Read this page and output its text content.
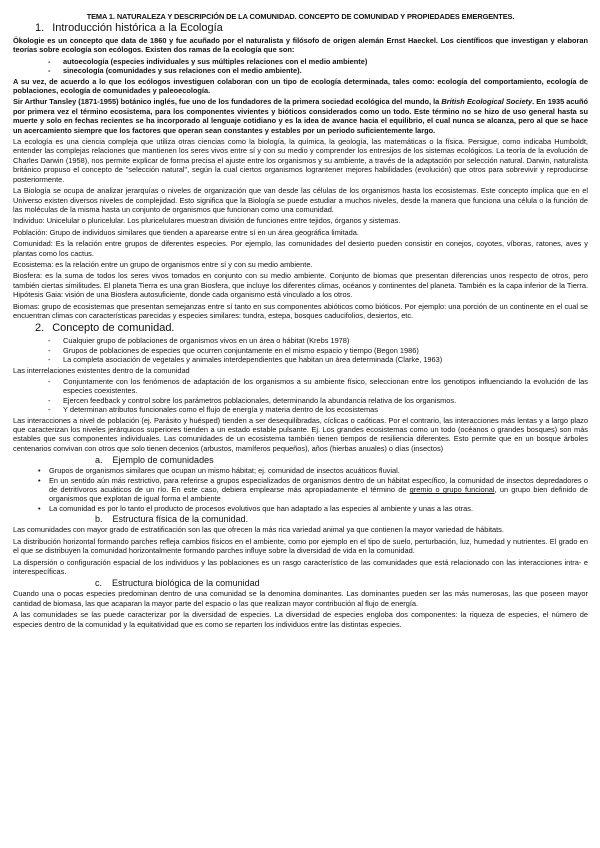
TEMA 1. NATURALEZA Y DESCRIPCIÓN DE LA COMUNIDAD. CONCEPTO DE COMUNIDAD Y PROPIEDADES EMERGENTES.
1. Introducción histórica a la Ecología

Ökologie es un concepto que data de 1860 y fue acuñado por el naturalista y filósofo de origen alemán Ernst Haeckel. Los científicos que investigan y elaboran teorías sobre ecología son ecólogos. Existen dos ramas de la ecología que son:

- autoecología (especies individuales y sus múltiples relaciones con el medio ambiente)
- sinecología (comunidades y sus relaciones con el medio ambiente).

A su vez, de acuerdo a lo que los ecólogos investiguen colaboran con un tipo de ecología determinada, tales como: ecología del comportamiento, ecología de poblaciones, ecología de comunidades y paleoecología.

Sir Arthur Tansley (1871-1955) botánico inglés, fue uno de los fundadores de la primera sociedad ecológica del mundo, la British Ecological Society. En 1935 acuñó por primera vez el término ecosistema, para los componentes vivientes y bióticos considerados como un todo. Este término no se hizo de uso general hasta su muerte y solo en fechas recientes se ha incorporado al lenguaje cotidiano y es la idea de avance hacia el equilibrio, el cual nunca se alcanza, pero al que se hace un acercamiento siempre que los factores que operan sean constantes y estables por un periodo suficientemente largo.

La ecología es una ciencia compleja que utiliza otras ciencias como la biología, la química, la geología, las matemáticas o la física. Persigue, como indicaba Humboldt, entender las complejas relaciones que mantienen los seres vivos entre sí y con su medio y comprender los entresijos de los sistemas ecológicos. La teoría de la evolución de Charles Darwin (1958), nos permite explicar de forma precisa el ajuste entre los organismos y su ambiente, a través de la adaptación por selección natural. Darwin, naturalista británico propuso el concepto de "selección natural", según la cual ciertos organismos lograntener mejores habilidades (evolución) que otros para sobrevivir y reproducirse posteriormente.

La Biología se ocupa de analizar jerarquías o niveles de organización que van desde las células de los organismos hasta los ecosistemas. Este concepto implica que en el Universo existen diversos niveles de complejidad. Esto significa que la Biología se puede estudiar a muchos niveles, desde la manera que funciona una célula o la función de las moléculas de la misma hasta un conjunto de organismos que funcionan como una comunidad.

Individuo: Unicelular o pluricelular. Los pluricelulares muestran división de funciones entre tejidos, órganos y sistemas.

Población: Grupo de individuos similares que tienden a aparearse entre sí en un área geográfica limitada.

Comunidad: Es la relación entre grupos de diferentes especies. Por ejemplo, las comunidades del desierto pueden consistir en conejos, coyotes, víboras, ratones, aves y plantas como los cactus.

Ecosistema: es la relación entre un grupo de organismos entre sí y con su medio ambiente.

Biosfera: es la suma de todos los seres vivos tomados en conjunto con su medio ambiente. Conjunto de biomas que presentan diferencias unos respecto de otros, pero también ciertas similitudes. El planeta Tierra es una gran Biosfera, que incluye los diferentes climas, océanos y continentes del planeta. También es la capa inferior de la Tierra. Hipótesis Gaia: visión de una Biosfera autosuficiente, donde cada organismo está vinculado a los otros.

Biomas: grupo de ecosistemas que presentan semejanzas entre sí tanto en sus componentes abióticos como bióticos. Por ejemplo: una porción de un continente en el cual se encuentran climas con características parecidas y especies similares: tundra, estepa, bosques caducifolios, desiertos, etc.

2. Concepto de comunidad.
- Cualquier grupo de poblaciones de organismos vivos en un área o hábitat (Krebs 1978)
- Grupos de poblaciones de especies que ocurren conjuntamente en el mismo espacio y tiempo (Begon 1986)
- La completa asociación de vegetales y animales interdependientes que habitan un área determinada (Clarke, 1963)

Las interrelaciones existentes dentro de la comunidad

- Conjuntamente con los fenómenos de adaptación de los organismos a su ambiente físico, seleccionan entre los genotipos influenciando la evolución de las especies coexistentes.
- Ejercen feedback y control sobre los parámetros poblacionales, determinando la abundancia relativa de los organismos.
- Y determinan atributos funcionales como el flujo de energía y materia dentro de los ecosistemas

Las interacciones a nivel de población (ej. Parásito y huésped) tienden a ser desequilibradas, cíclicas o caóticas. Por el contrario, las interacciones más lentas y a largo plazo que caracterizan los niveles jerárquicos superiores tienden a un estado estable pulsante. Ej. Los grandes ecosistemas como un todo (océanos o grandes bosques) son más estables que sus componentes individuales. Las comunidades de un ecosistema también tienen tiempos de resiliencia diferentes. Esto permite que en un bosque árboles centenarios convivan con otros que solo tienen decenios (arbustos, mamíferos pequeños), años (hierbas anuales) o días (insectos)

a. Ejemplo de comunidades
• Grupos de organismos similares que ocupan un mismo hábitat; ej. comunidad de insectos acuáticos fluvial.
• En un sentido aún más restrictivo, para referirse a grupos especializados de organismos dentro de un hábitat específico, la comunidad de insectos depredadores o de detritívoros acuáticos de un río. En este caso, debiera emplearse más apropiadamente el término de gremio o grupo funcional, un grupo bien definido de organismos que explotan de igual forma el ambiente
• La comunidad es por lo tanto el producto de procesos evolutivos que han adaptado a las especies al ambiente y unas a las otras.
b. Estructura física de la comunidad.

Las comunidades con mayor grado de estratificación son las que ofrecen la más rica variedad animal ya que contienen la mayor variedad de hábitats.

La distribución horizontal formando parches refleja cambios físicos en el ambiente, como por ejemplo en el tipo de suelo, perturbación, luz, humedad y nutrientes. El grado en el que se distribuyen la comunidad horizontalmente formando parches influye sobre la diversidad de vida en la comunidad.

La dispersión o configuración espacial de los individuos y las poblaciones es un rasgo característico de las comunidades que está relacionado con las interacciones intra- e interespecíficas.

c. Estructura biológica de la comunidad

Cuando una o pocas especies predominan dentro de una comunidad se la denomina dominantes. Las dominantes pueden ser las más numerosas, las que poseen mayor cantidad de biomasa, las que acaparan la mayor parte del espacio o las que realizan mayor contribución al flujo de energía.

A las comunidades se las puede caracterizar por la diversidad de especies. La diversidad de especies engloba dos componentes: la riqueza de especies, el número de especies dentro de la comunidad y la equitatividad que es como se reparten los individuos entre las distintas especies.
